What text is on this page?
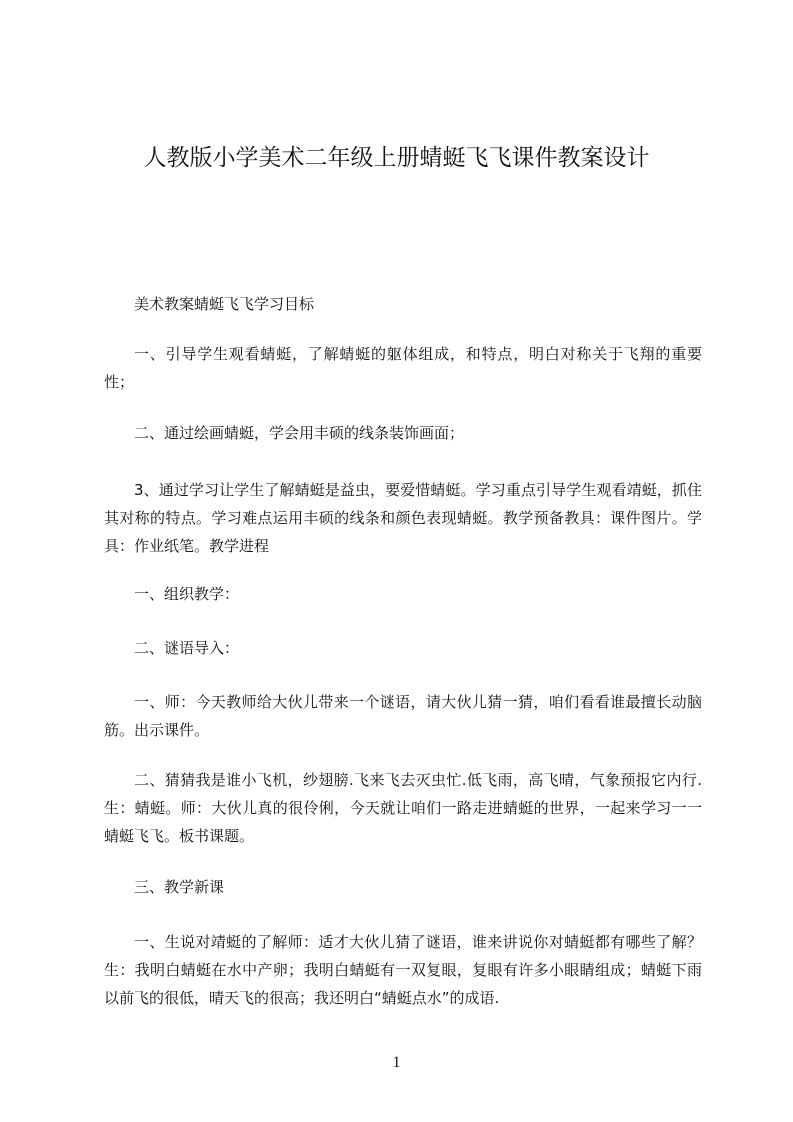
人教版小学美术二年级上册蜻蜓飞飞课件教案设计

美术教案蜻蜓飞飞学习目标

一、引导学生观看蜻蜓，了解蜻蜓的躯体组成，和特点，明白对称关于飞翔的重要性；

二、通过绘画蜻蜓，学会用丰硕的线条装饰画面；

3、通过学习让学生了解蜻蜓是益虫，要爱惜蜻蜓。学习重点引导学生观看靖蜓，抓住其对称的特点。学习难点运用丰硕的线条和颜色表现蜻蜓。教学预备教具：课件图片。学具：作业纸笔。教学进程

一、组织教学：

二、谜语导入：

一、师：今天教师给大伙儿带来一个谜语，请大伙儿猜一猜，咱们看看谁最擅长动脑筋。出示课件。

二、猜猜我是谁小飞机，纱翅膀.飞来飞去灭虫忙.低飞雨，高飞晴，气象预报它内行.生：蜻蜓。师：大伙儿真的很伶俐，今天就让咱们一路走进蜻蜓的世界，一起来学习一一蜻蜓飞飞。板书课题。

三、教学新课

一、生说对靖蜓的了解师：适才大伙儿猜了谜语，谁来讲说你对蜻蜓都有哪些了解？生：我明白蜻蜓在水中产卵；我明白蜻蜓有一双复眼，复眼有许多小眼睛组成；蜻蜓下雨以前飞的很低，晴天飞的很高；我还明白“蜻蜓点水”的成语.

1
